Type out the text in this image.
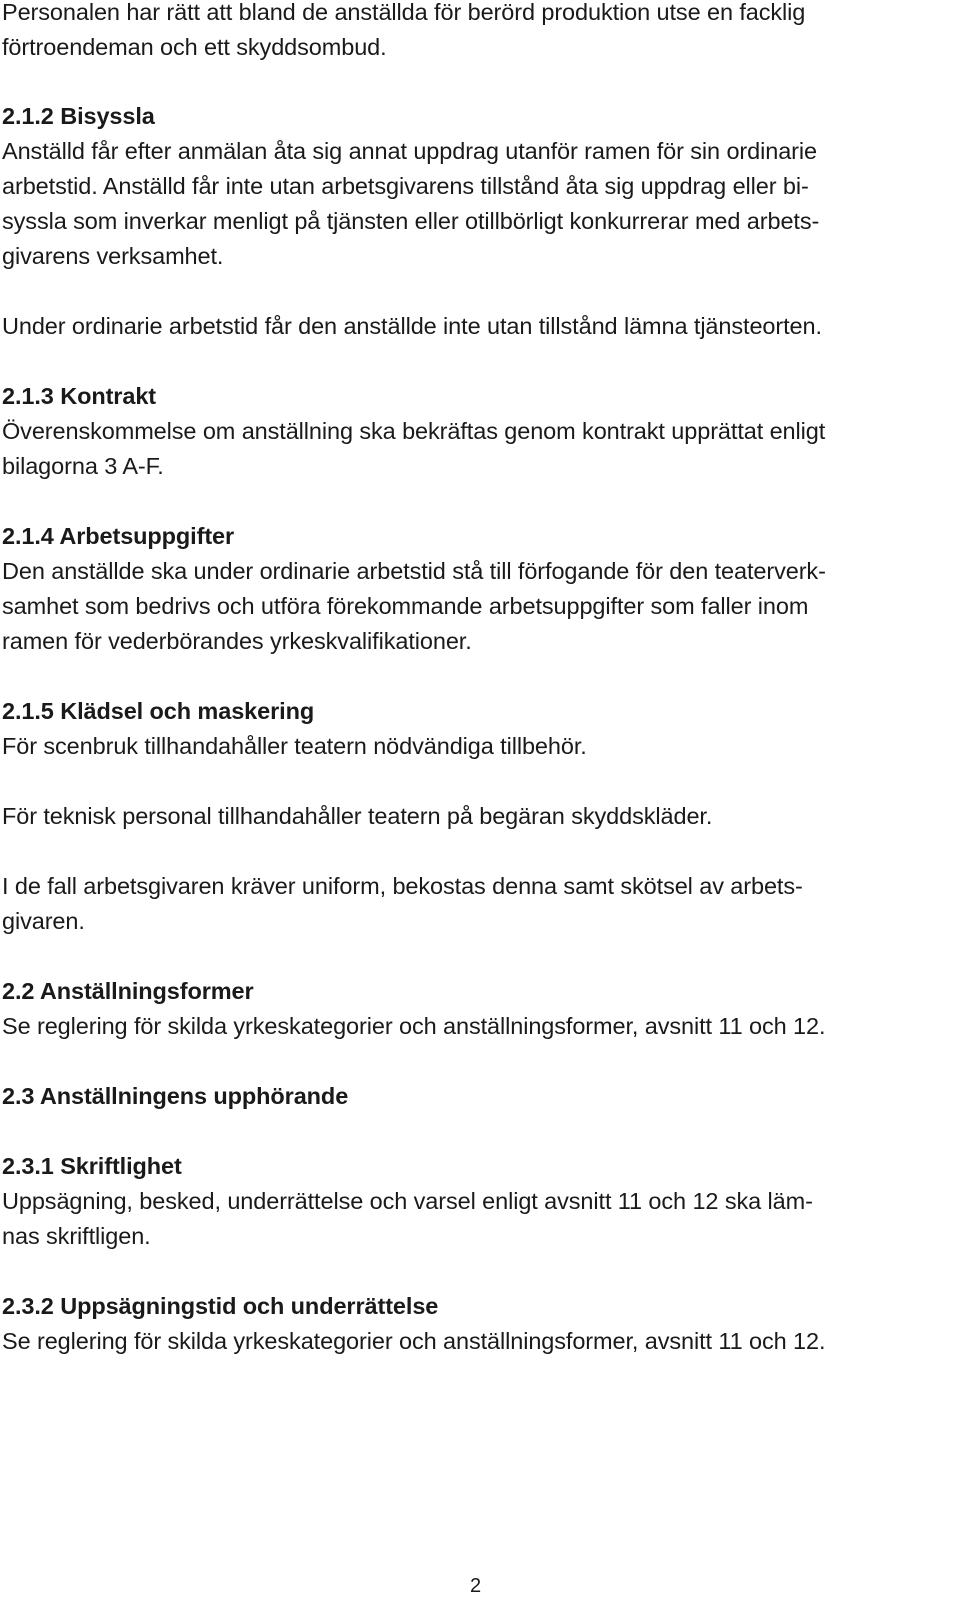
Personalen har rätt att bland de anställda för berörd produktion utse en facklig
förtroendeman och ett skyddsombud.
2.1.2 Bisyssla
Anställd får efter anmälan åta sig annat uppdrag utanför ramen för sin ordinarie
arbetstid. Anställd får inte utan arbetsgivarens tillstånd åta sig uppdrag eller bi-
syssla som inverkar menligt på tjänsten eller otillbörligt konkurrerar med arbets-
givarens verksamhet.
Under ordinarie arbetstid får den anställde inte utan tillstånd lämna tjänsteorten.
2.1.3 Kontrakt
Överenskommelse om anställning ska bekräftas genom kontrakt upprättat enligt
bilagorna 3 A-F.
2.1.4 Arbetsuppgifter
Den anställde ska under ordinarie arbetstid stå till förfogande för den teaterverk-
samhet som bedrivs och utföra förekommande arbetsuppgifter som faller inom
ramen för vederbörandes yrkeskvalifikationer.
2.1.5 Klädsel och maskering
För scenbruk tillhandahåller teatern nödvändiga tillbehör.
För teknisk personal tillhandahåller teatern på begäran skyddskläder.
I de fall arbetsgivaren kräver uniform, bekostas denna samt skötsel av arbets-
givaren.
2.2 Anställningsformer
Se reglering för skilda yrkeskategorier och anställningsformer, avsnitt 11 och 12.
2.3 Anställningens upphörande
2.3.1 Skriftlighet
Uppsägning, besked, underrättelse och varsel enligt avsnitt 11 och 12 ska läm-
nas skriftligen.
2.3.2 Uppsägningstid och underrättelse
Se reglering för skilda yrkeskategorier och anställningsformer, avsnitt 11 och 12.
2
